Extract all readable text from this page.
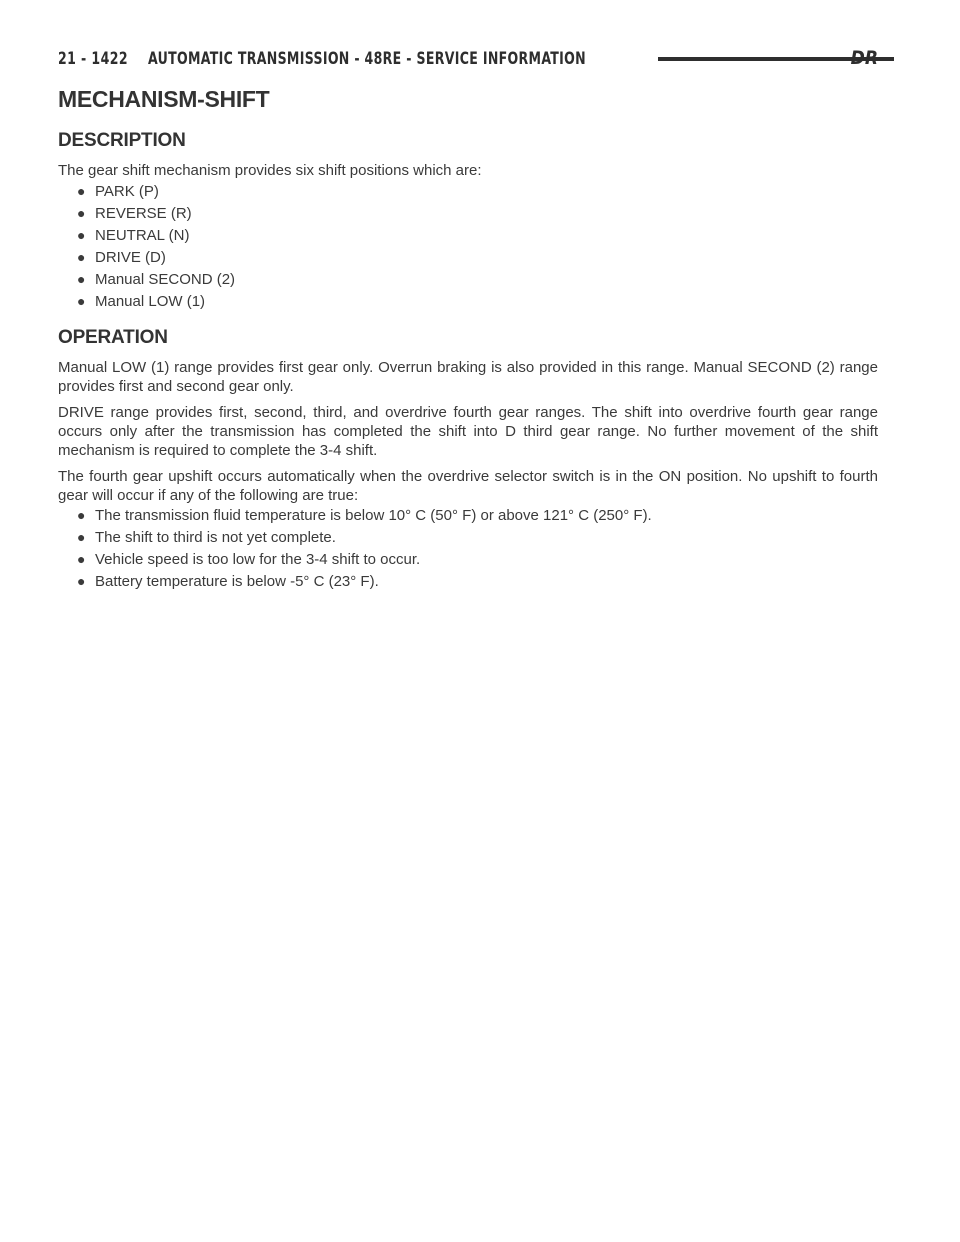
21 - 1422 AUTOMATIC TRANSMISSION - 48RE - SERVICE INFORMATION	DR
MECHANISM-SHIFT
DESCRIPTION

The gear shift mechanism provides six shift positions which are:

● PARK (P)
● REVERSE (R)
● NEUTRAL (N)
● DRIVE (D)
● Manual SECOND (2)
● Manual LOW (1)
OPERATION

Manual LOW (1) range provides first gear only. Overrun braking is also provided in this range. Manual SECOND (2) range provides first and second gear only.

DRIVE range provides first, second, third, and overdrive fourth gear ranges. The shift into overdrive fourth gear range occurs only after the transmission has completed the shift into D third gear range. No further movement of the shift mechanism is required to complete the 3-4 shift.

The fourth gear upshift occurs automatically when the overdrive selector switch is in the ON position. No upshift to fourth gear will occur if any of the following are true:

● The transmission fluid temperature is below 10° C (50° F) or above 121° C (250° F).
● The shift to third is not yet complete.
● Vehicle speed is too low for the 3-4 shift to occur.
● Battery temperature is below -5° C (23° F).
